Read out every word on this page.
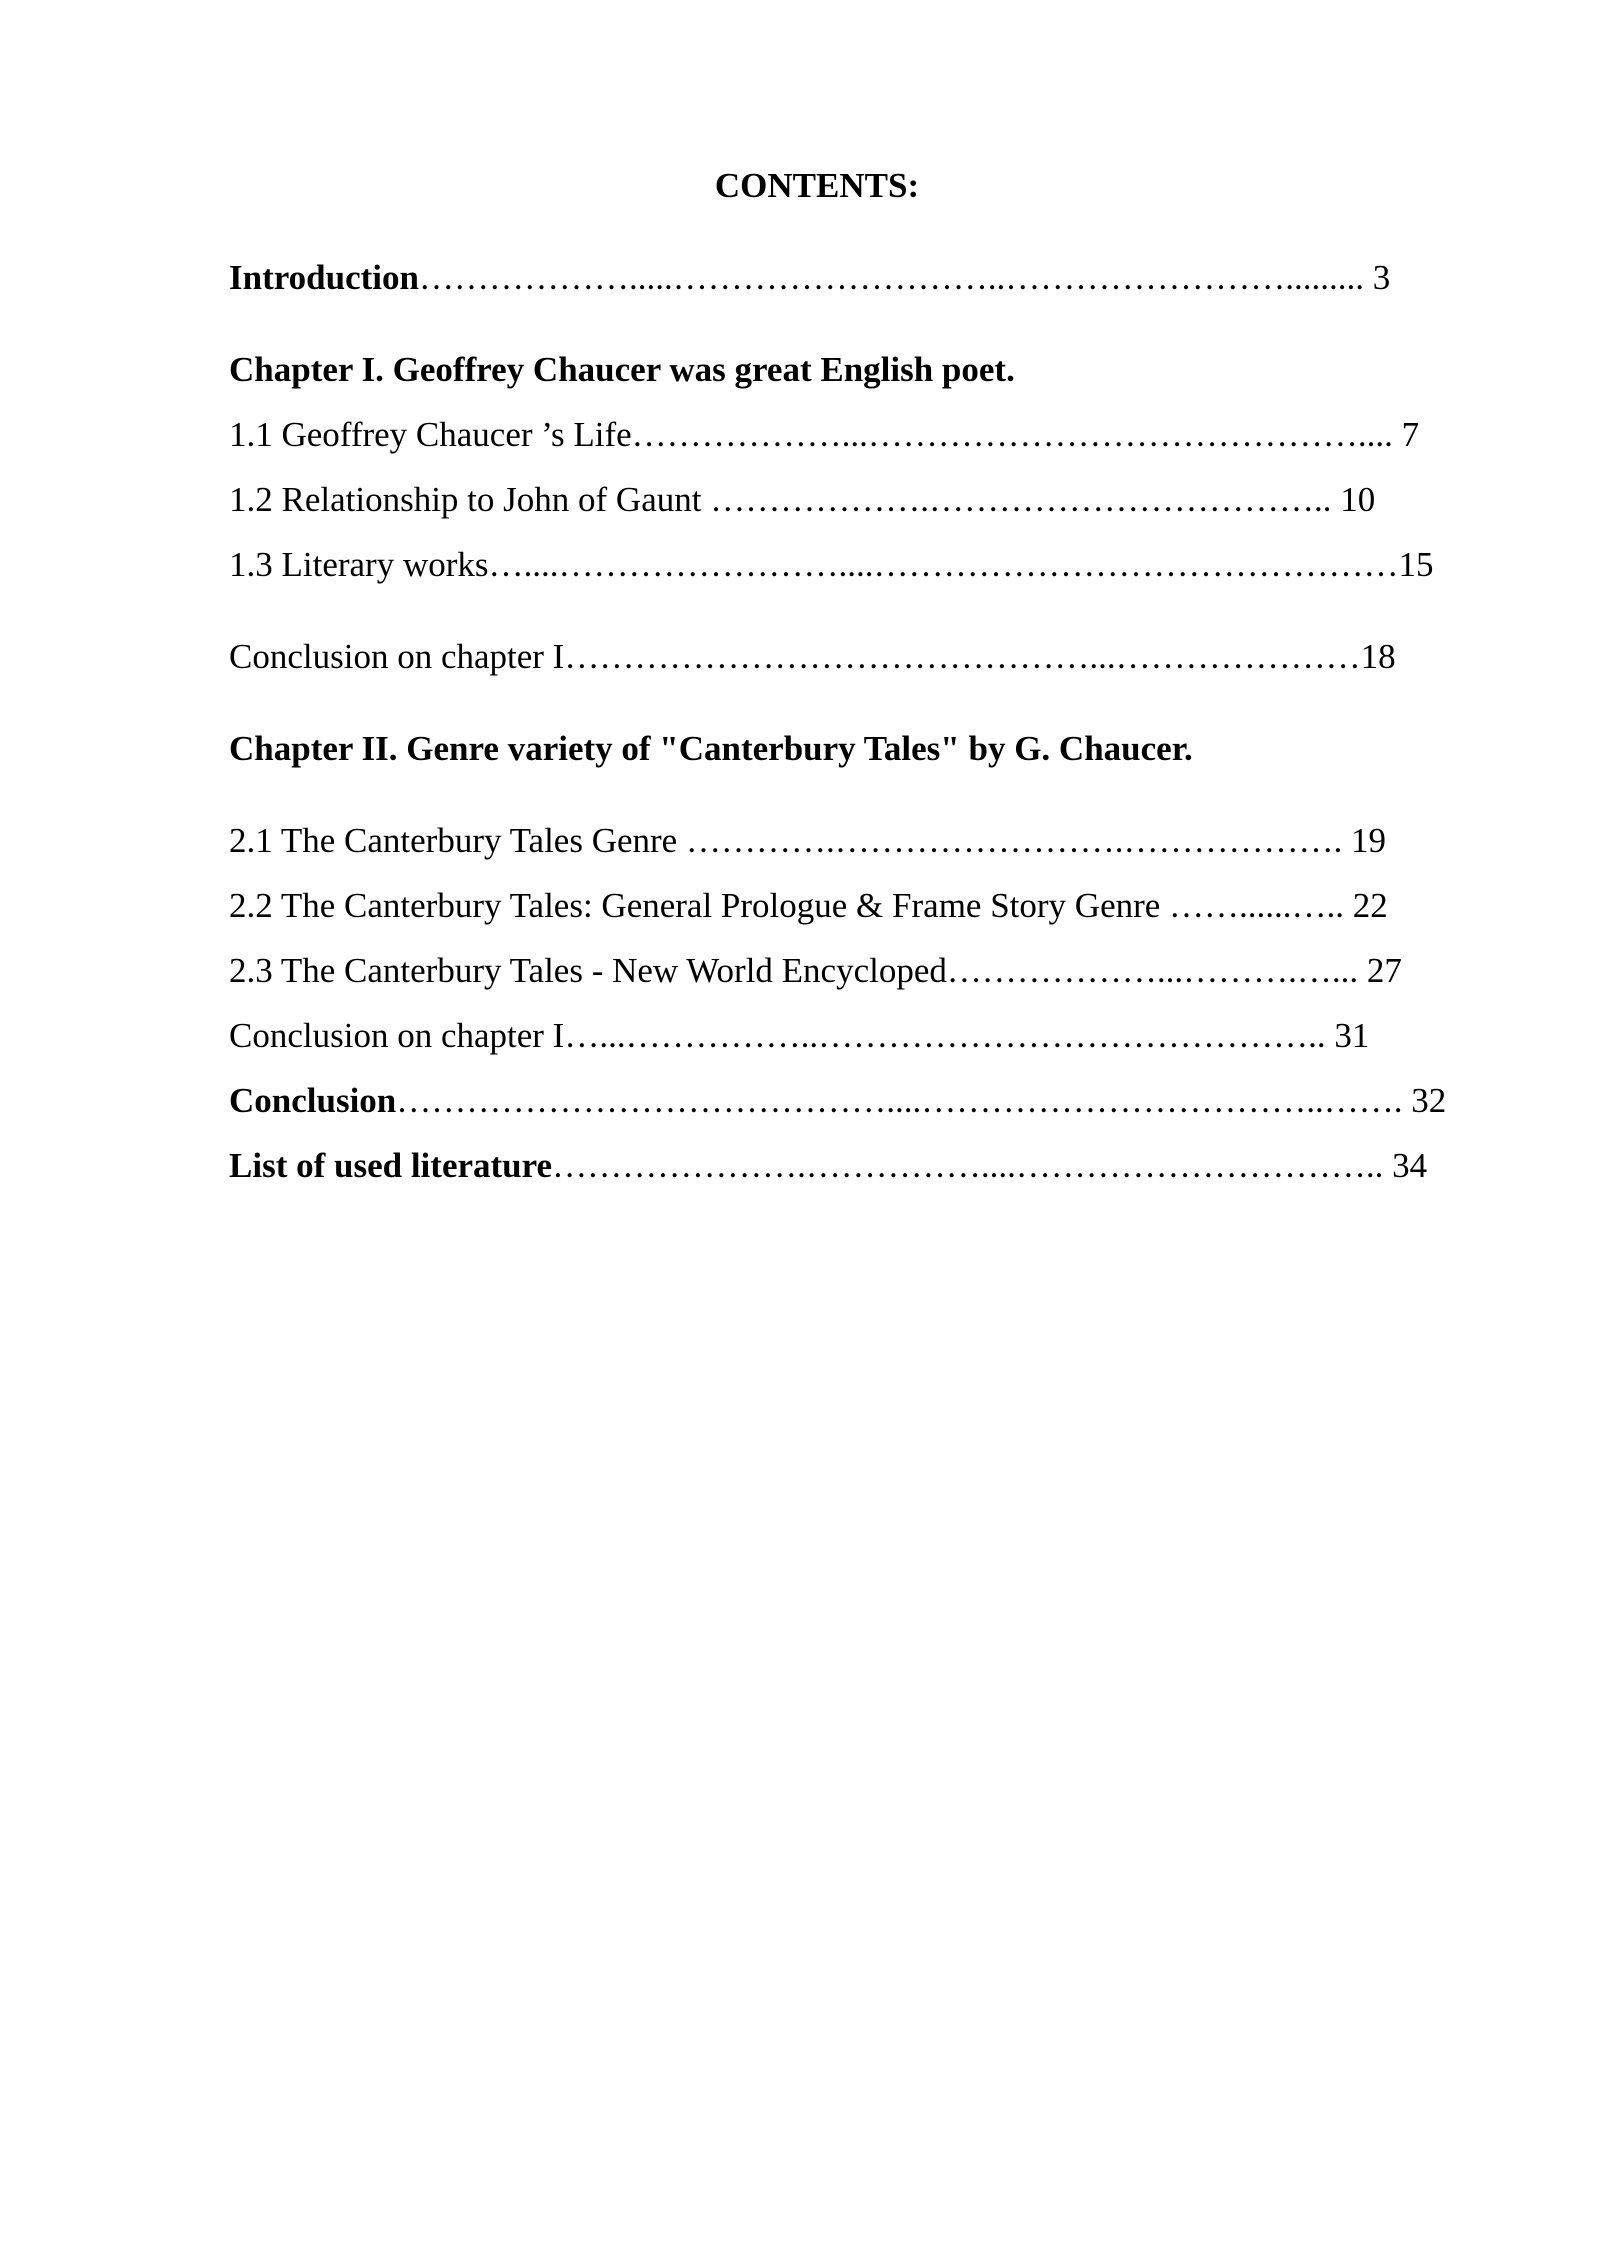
CONTENTS:
Introduction……………….....………………………..……………………......... 3
Chapter I. Geoffrey Chaucer was great English poet.
1.1 Geoffrey Chaucer ’s Life………………...…………………………………….... 7
1.2 Relationship to John of Gaunt ……………….…………………………….. 10
1.3 Literary works…....……………………....………………………………………15
Conclusion on chapter I………………………………………...…………………18
Chapter II. Genre variety of "Canterbury Tales" by G. Chaucer.
2.1 The Canterbury Tales Genre ………….…………………….………………. 19
2.2 The Canterbury Tales: General Prologue & Frame Story Genre ……......….. 22
2.3 The Canterbury Tales - New World Encycloped………………...……….…... 27
Conclusion on chapter I…...……………..…………………………………….. 31
Conclusion……………………………………....……………………………..……. 32
List of used literature………………….……………....………………………….. 34
